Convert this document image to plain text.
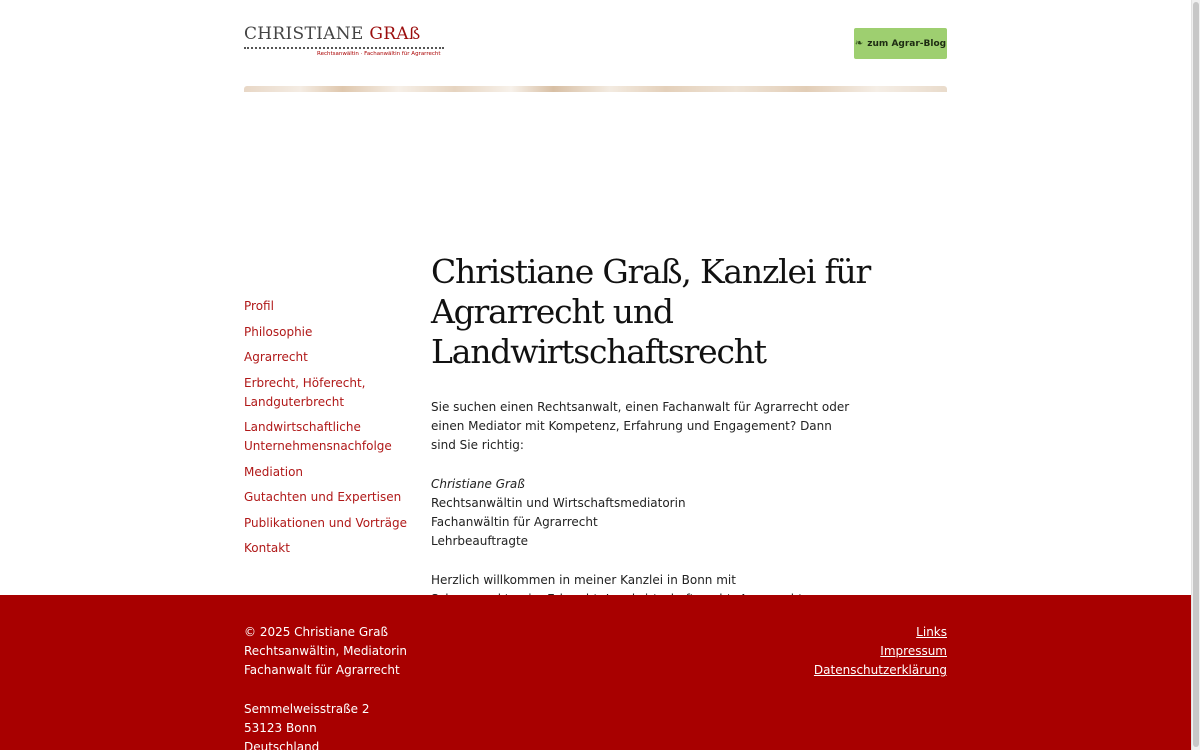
CHRISTIANE GRAß
Rechtsanwältin · Fachanwältin für Agrarrecht
❧ zum Agrar-Blog
Profil
Philosophie
Agrarrecht
Erbrecht, Höferecht, Landguterbrecht
Landwirtschaftliche Unternehmensnachfolge
Mediation
Gutachten und Expertisen
Publikationen und Vorträge
Kontakt
Christiane Graß, Kanzlei für Agrarrecht und Landwirtschaftsrecht

Sie suchen einen Rechtsanwalt, einen Fachanwalt für Agrarrecht oder einen Mediator mit Kompetenz, Erfahrung und Engagement? Dann sind Sie richtig:

Christiane Graß

Rechtsanwältin und Wirtschaftsmediatorin

Fachanwältin für Agrarrecht

Lehrbeauftragte

Herzlich willkommen in meiner Kanzlei in Bonn mit

© 2025 Christiane Graß

Rechtsanwältin, Mediatorin

Fachanwalt für Agrarrecht

Semmelweisstraße 2

53123 Bonn

Deutschland

Links
Impressum
Datenschutzerklärung
